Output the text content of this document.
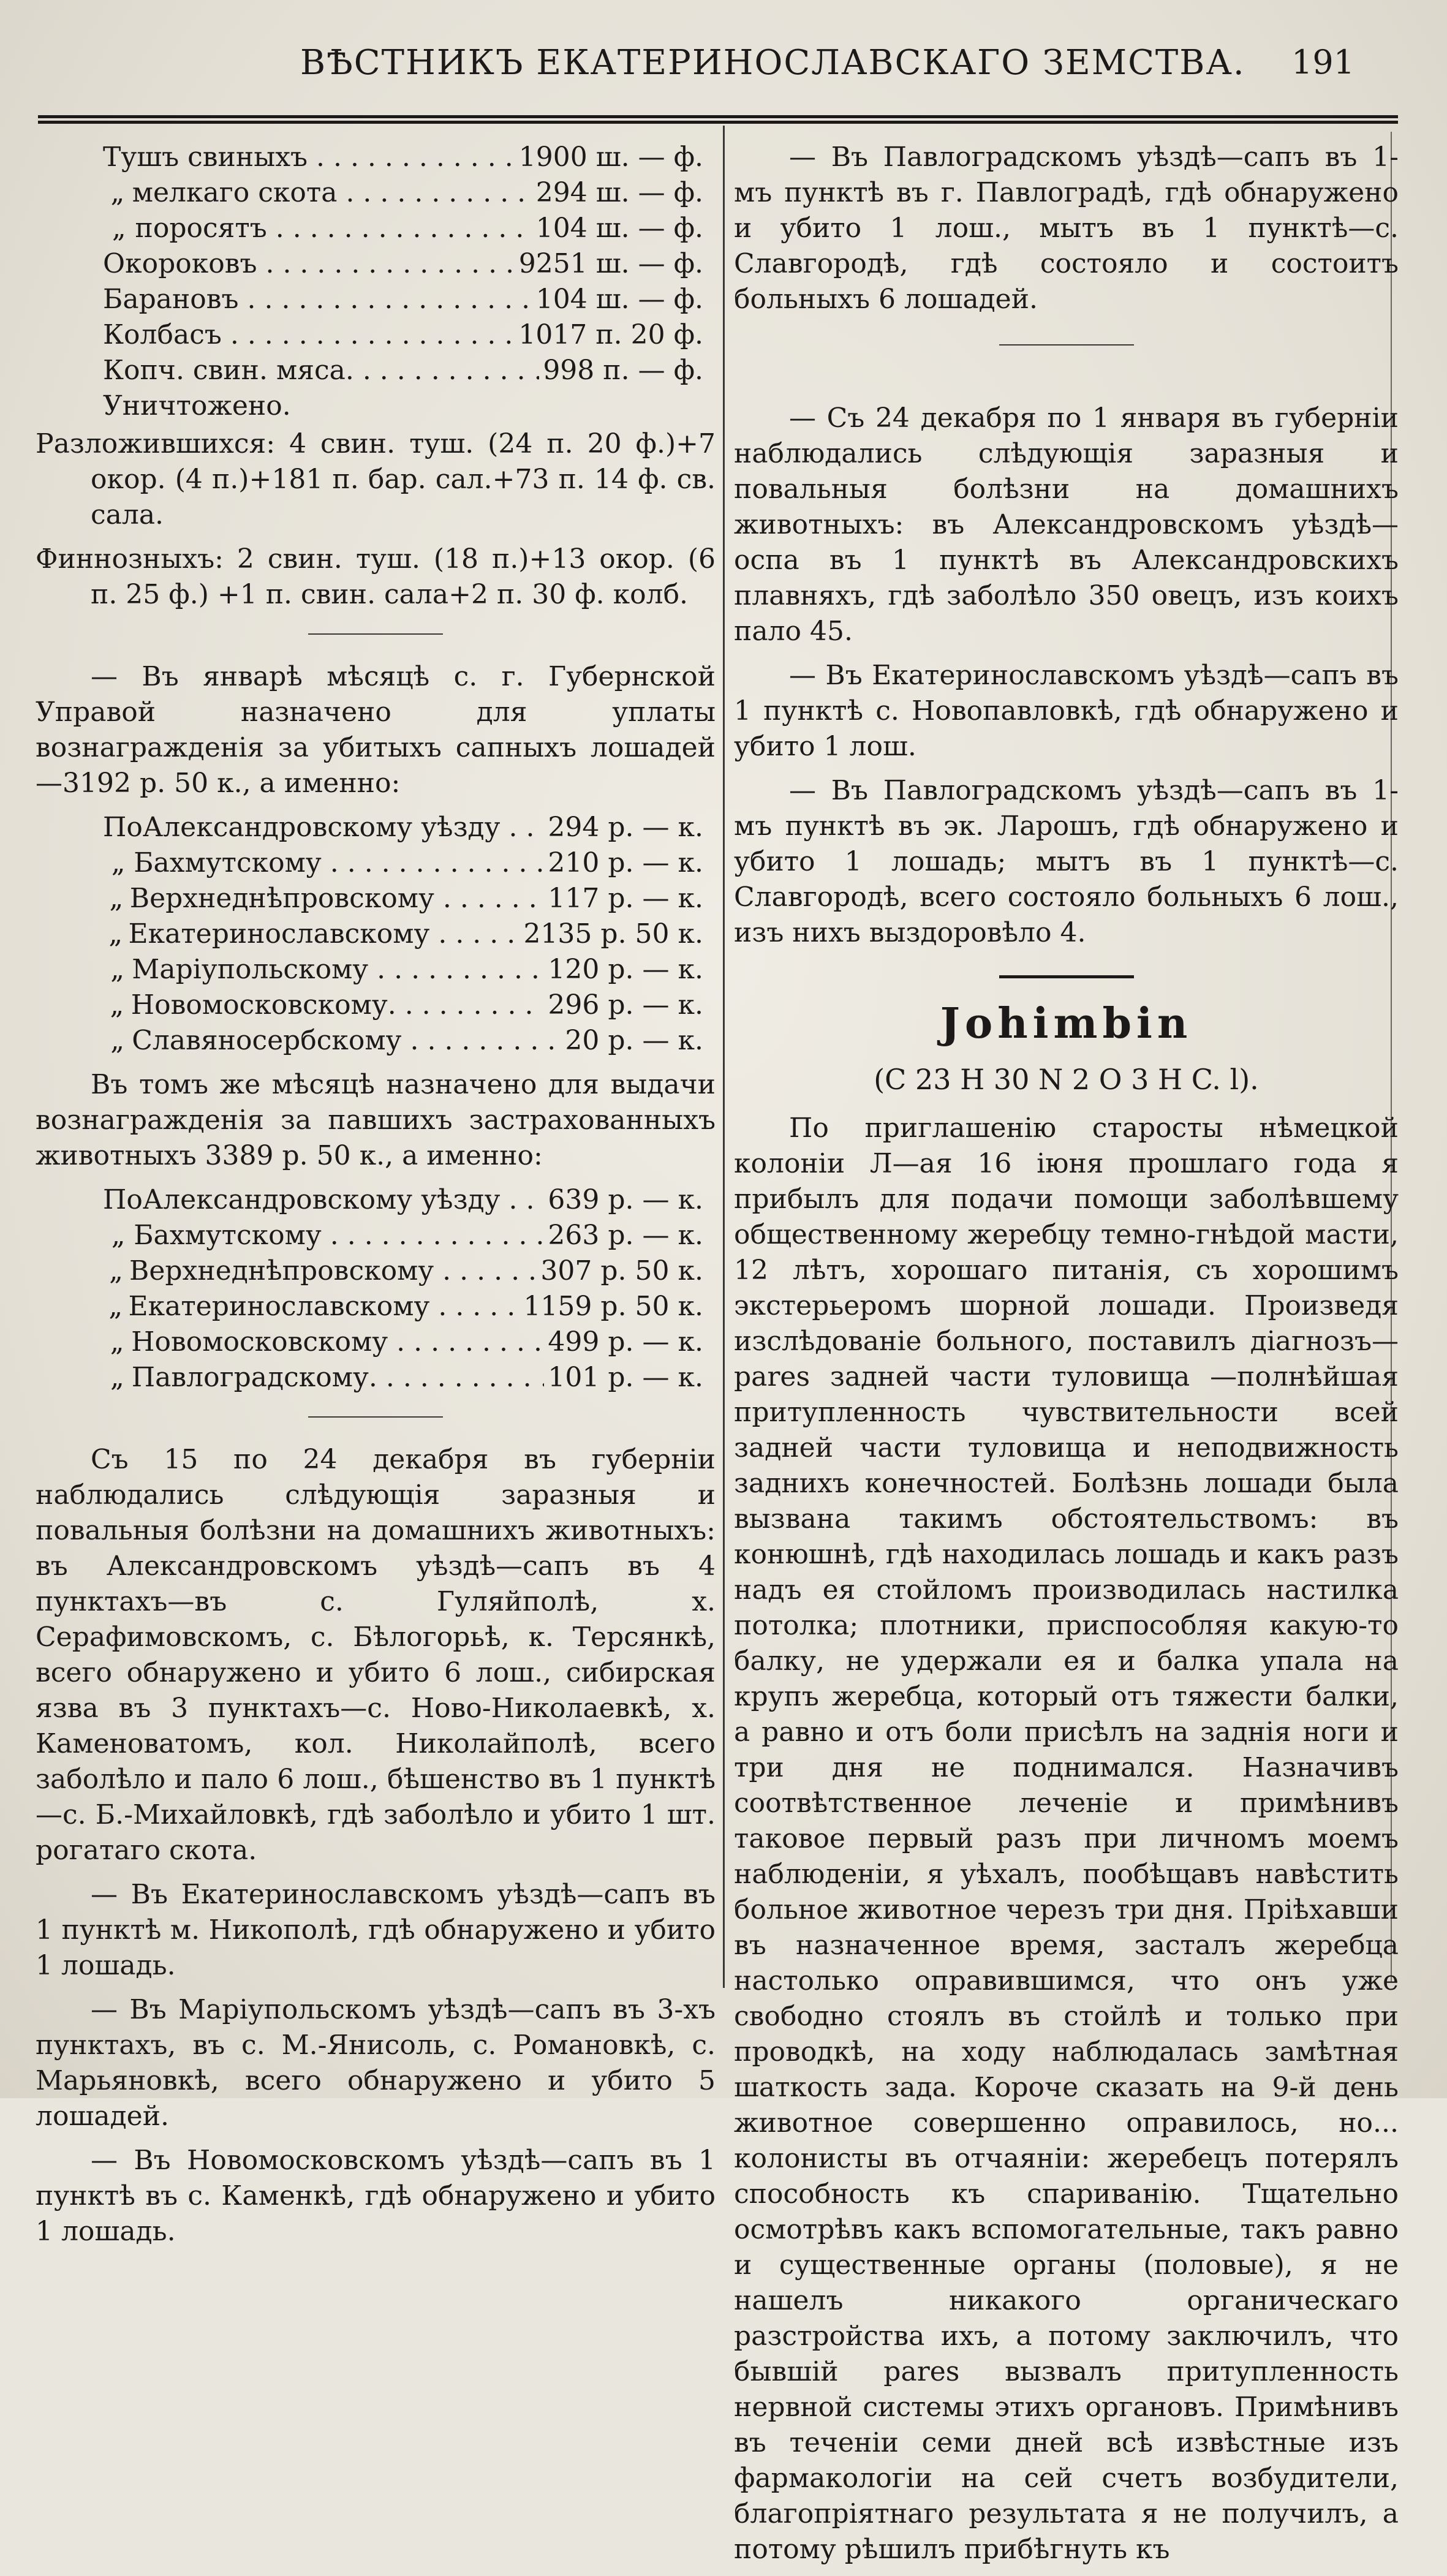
ВѢСТНИКЪ ЕКАТЕРИНОСЛАВСКАГО ЗЕМСТВА. 191
Тушъ свиныхъ . . .	1900 ш. — ф.
„ мелкаго скота . . .	294 ш. — ф.
„ поросятъ . . .	104 ш. — ф.
Окороковъ . . .	9251 ш. — ф.
Барановъ . . .	104 ш. — ф.
Колбасъ . . .	1017 п. 20 ф.
Копч. свин. мяса. . . .	998 п. — ф.
Уничтожено.

Разложившихся: 4 свин. туш. (24 п. 20 ф.)+7 окор. (4 п.)+181 п. бар. сал.+73 п. 14 ф. св. сала.

Финнозныхъ: 2 свин. туш. (18 п.)+13 окор. (6 п. 25 ф.) +1 п. свин. сала+2 п. 30 ф. колб.

— Въ январѣ мѣсяцѣ с. г. Губернской Управой назначено для уплаты вознагражденія за убитыхъ сапныхъ лошадей—3192 р. 50 к., а именно:

По Александровскому уѣзду . . .	294 р. — к.
„ Бахмутскому . . .	210 р. — к.
„ Верхнеднѣпровскому . . .	117 р. — к.
„ Екатеринославскому . . .	2135 р. 50 к.
„ Маріупольскому . . .	120 р. — к.
„ Новомосковскому. . . .	296 р. — к.
„ Славяносербскому . . .	20 р. — к.

Въ томъ же мѣсяцѣ назначено для выдачи вознагражденія за павшихъ застрахованныхъ животныхъ 3389 р. 50 к., а именно:

По Александровскому уѣзду . . .	639 р. — к.
„ Бахмутскому . . .	263 р. — к.
„ Верхнеднѣпровскому . . .	307 р. 50 к.
„ Екатеринославскому . . .	1159 р. 50 к.
„ Новомосковскому . . .	499 р. — к.
„ Павлоградскому. . . .	101 р. — к.

Съ 15 по 24 декабря въ губерніи наблюдались слѣдующія заразныя и повальныя болѣзни на домашнихъ животныхъ: въ Александровскомъ уѣздѣ—сапъ въ 4 пунктахъ—въ с. Гуляйполѣ, х. Серафимовскомъ, с. Бѣлогорьѣ, к. Терсянкѣ, всего обнаружено и убито 6 лош., сибирская язва въ 3 пунктахъ—с. Ново-Николаевкѣ, х. Каменоватомъ, кол. Николайполѣ, всего заболѣло и пало 6 лош., бѣшенство въ 1 пунктѣ—с. Б.-Михайловкѣ, гдѣ заболѣло и убито 1 шт. рогатаго скота.

— Въ Екатеринославскомъ уѣздѣ—сапъ въ 1 пунктѣ м. Никополѣ, гдѣ обнаружено и убито 1 лошадь.

— Въ Маріупольскомъ уѣздѣ—сапъ въ 3-хъ пунктахъ, въ с. М.-Янисоль, с. Романовкѣ, с. Марьяновкѣ, всего обнаружено и убито 5 лошадей.

— Въ Новомосковскомъ уѣздѣ—сапъ въ 1 пунктѣ въ с. Каменкѣ, гдѣ обнаружено и убито 1 лошадь.

— Въ Павлоградскомъ уѣздѣ—сапъ въ 1-мъ пунктѣ въ г. Павлоградѣ, гдѣ обнаружено и убито 1 лош., мытъ въ 1 пунктѣ—с. Славгородѣ, гдѣ состояло и состоитъ больныхъ 6 лошадей.

— Съ 24 декабря по 1 января въ губерніи наблюдались слѣдующія заразныя и повальныя болѣзни на домашнихъ животныхъ: въ Александровскомъ уѣздѣ—оспа въ 1 пунктѣ въ Александровскихъ плавняхъ, гдѣ заболѣло 350 овецъ, изъ коихъ пало 45.

— Въ Екатеринославскомъ уѣздѣ—сапъ въ 1 пунктѣ с. Новопавловкѣ, гдѣ обнаружено и убито 1 лош.

— Въ Павлоградскомъ уѣздѣ—сапъ въ 1-мъ пунктѣ въ эк. Ларошъ, гдѣ обнаружено и убито 1 лошадь; мытъ въ 1 пунктѣ—с. Славгородѣ, всего состояло больныхъ 6 лош., изъ нихъ выздоровѣло 4.

Johimbin
(C 23 H 30 N 2 O 3 H C. l).

По приглашенію старосты нѣмецкой колоніи Л—ая 16 іюня прошлаго года я прибылъ для подачи помощи заболѣвшему общественному жеребцу темно-гнѣдой масти, 12 лѣтъ, хорошаго питанія, съ хорошимъ экстерьеромъ шорной лошади. Произведя изслѣдованіе больного, поставилъ діагнозъ—pares задней части туловища —полнѣйшая притупленность чувствительности всей задней части туловища и неподвижность заднихъ конечностей. Болѣзнь лошади была вызвана такимъ обстоятельствомъ: въ конюшнѣ, гдѣ находилась лошадь и какъ разъ надъ ея стойломъ производилась настилка потолка; плотники, приспособляя какую-то балку, не удержали ея и балка упала на крупъ жеребца, который отъ тяжести балки, а равно и отъ боли присѣлъ на заднія ноги и три дня не поднимался. Назначивъ соотвѣтственное леченіе и примѣнивъ таковое первый разъ при личномъ моемъ наблюденіи, я уѣхалъ, пообѣщавъ навѣстить больное животное черезъ три дня. Пріѣхавши въ назначенное время, засталъ жеребца настолько оправившимся, что онъ уже свободно стоялъ въ стойлѣ и только при проводкѣ, на ходу наблюдалась замѣтная шаткость зада. Короче сказать на 9-й день животное совершенно оправилось, но... колонисты въ отчаяніи: жеребецъ потерялъ способность къ спариванію. Тщательно осмотрѣвъ какъ вспомогательные, такъ равно и существенные органы (половые), я не нашелъ никакого органическаго разстройства ихъ, а потому заключилъ, что бывшій pares вызвалъ притупленность нервной системы этихъ органовъ. Примѣнивъ въ теченіи семи дней всѣ извѣстные изъ фармакологіи на сей счетъ возбудители, благопріятнаго результата я не получилъ, а потому рѣшилъ прибѣгнуть къ
